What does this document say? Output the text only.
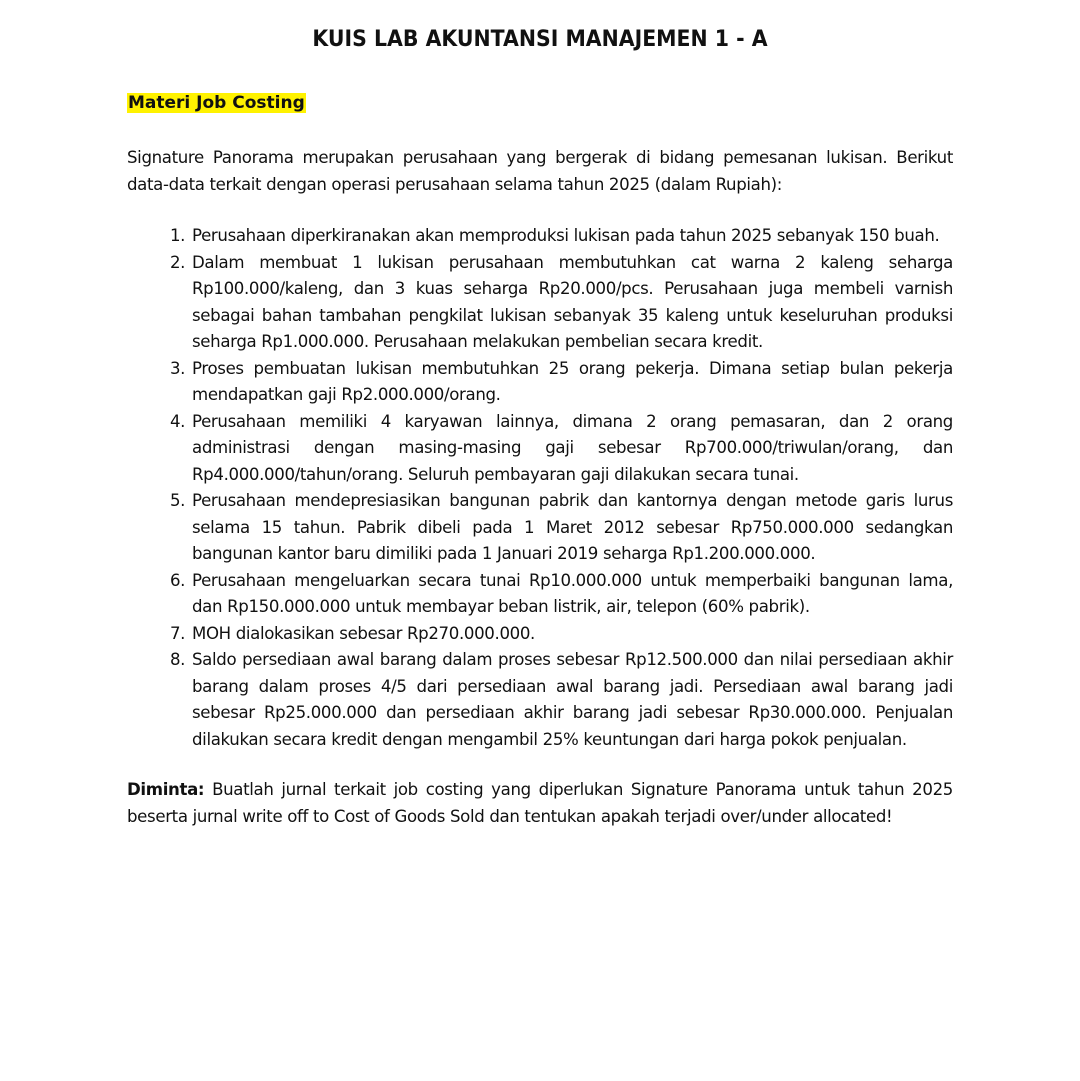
KUIS LAB AKUNTANSI MANAJEMEN 1 - A
Materi Job Costing

Signature Panorama merupakan perusahaan yang bergerak di bidang pemesanan lukisan. Berikut data-data terkait dengan operasi perusahaan selama tahun 2025 (dalam Rupiah):

1. Perusahaan diperkiranakan akan memproduksi lukisan pada tahun 2025 sebanyak 150 buah.
2. Dalam membuat 1 lukisan perusahaan membutuhkan cat warna 2 kaleng seharga Rp100.000/kaleng, dan 3 kuas seharga Rp20.000/pcs. Perusahaan juga membeli varnish sebagai bahan tambahan pengkilat lukisan sebanyak 35 kaleng untuk keseluruhan produksi seharga Rp1.000.000. Perusahaan melakukan pembelian secara kredit.
3. Proses pembuatan lukisan membutuhkan 25 orang pekerja. Dimana setiap bulan pekerja mendapatkan gaji Rp2.000.000/orang.
4. Perusahaan memiliki 4 karyawan lainnya, dimana 2 orang pemasaran, dan 2 orang administrasi dengan masing-masing gaji sebesar Rp700.000/triwulan/orang, dan Rp4.000.000/tahun/orang. Seluruh pembayaran gaji dilakukan secara tunai.
5. Perusahaan mendepresiasikan bangunan pabrik dan kantornya dengan metode garis lurus selama 15 tahun. Pabrik dibeli pada 1 Maret 2012 sebesar Rp750.000.000 sedangkan bangunan kantor baru dimiliki pada 1 Januari 2019 seharga Rp1.200.000.000.
6. Perusahaan mengeluarkan secara tunai Rp10.000.000 untuk memperbaiki bangunan lama, dan Rp150.000.000 untuk membayar beban listrik, air, telepon (60% pabrik).
7. MOH dialokasikan sebesar Rp270.000.000.
8. Saldo persediaan awal barang dalam proses sebesar Rp12.500.000 dan nilai persediaan akhir barang dalam proses 4/5 dari persediaan awal barang jadi. Persediaan awal barang jadi sebesar Rp25.000.000 dan persediaan akhir barang jadi sebesar Rp30.000.000. Penjualan dilakukan secara kredit dengan mengambil 25% keuntungan dari harga pokok penjualan.

Diminta: Buatlah jurnal terkait job costing yang diperlukan Signature Panorama untuk tahun 2025 beserta jurnal write off to Cost of Goods Sold dan tentukan apakah terjadi over/under allocated!
